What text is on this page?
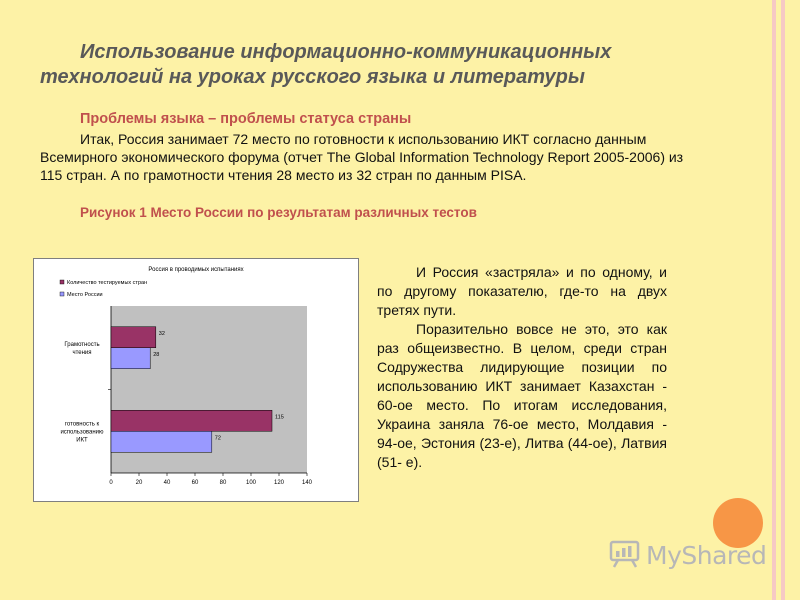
Использование информационно-коммуникационных
технологий на уроках русского языка и литературы
Проблемы языка – проблемы статуса страны

Итак, Россия занимает 72 место по готовности к использованию ИКТ согласно данным Всемирного экономического форума (отчет The Global Information Technology Report 2005-2006) из 115 стран. А по грамотности чтения 28 место из 32 стран по данным PISA.

Рисунок 1 Место России по результатам различных тестов

Россия в проводимых испытаниях
Количество тестируемых стран
Место России
0	20	40	60	80	100	120	140
32
28
Грамотность
чтения
115
72
готовность к
использованию
ИКТ

И Россия «застряла» и по одному, и по другому показателю, где-то на двух третях пути.

Поразительно вовсе не это, это как раз общеизвестно. В целом, среди стран Содружества лидирующие позиции по использованию ИКТ занимает Казахстан - 60-ое место. По итогам исследования, Украина заняла 76-ое место, Молдавия - 94-ое, Эстония (23-е), Литва (44-ое), Латвия (51- е).

MyShared
